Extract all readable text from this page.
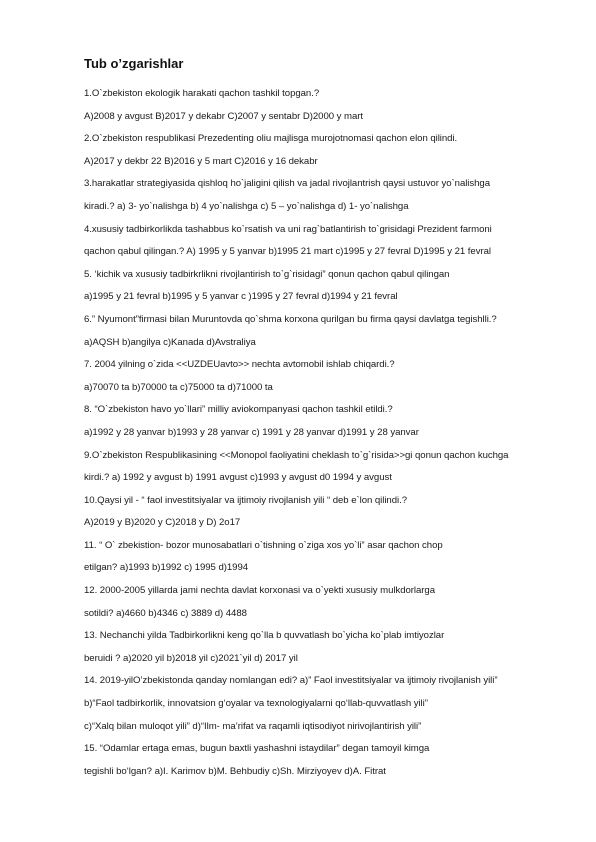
Tub o’zgarishlar
1.O`zbekiston ekologik harakati qachon tashkil topgan.?
A)2008 y avgust B)2017 y dekabr C)2007 y sentabr D)2000 y mart
2.O`zbekiston respublikasi Prezedenting oliu majlisga murojotnomasi qachon elon qilindi.
A)2017 y dekbr 22 B)2016 y 5 mart C)2016 y 16 dekabr
3.harakatlar strategiyasida qishloq ho`jaligini qilish va jadal rivojlantrish qaysi ustuvor yo`nalishga
kiradi.? a) 3- yo`nalishga b) 4 yo`nalishga c) 5 – yo`nalishga d) 1- yo`nalishga
4.xususiy tadbirkorlikda tashabbus ko`rsatish va uni rag`batlantirish to`grisidagi Prezident farmoni
qachon qabul qilingan.? A) 1995 y 5 yanvar b)1995 21 mart c)1995 y 27 fevral D)1995 y 21 fevral
5. ‘kichik va xususiy tadbirkrlikni rivojlantirish to`g`risidagi” qonun qachon qabul qilingan
a)1995 y 21 fevral b)1995 y 5 yanvar c )1995 y 27 fevral d)1994 y 21 fevral
6.” Nyumont”firmasi bilan Muruntovda qo`shma korxona qurilgan bu firma qaysi davlatga tegishlli.?
a)AQSH b)angilya c)Kanada d)Avstraliya
7. 2004 yilning o`zida <<UZDEUavto>> nechta avtomobil ishlab chiqardi.?
a)70070 ta b)70000 ta c)75000 ta d)71000 ta
8. “O`zbekiston havo yo`llari” milliy aviokompanyasi qachon tashkil etildi.?
a)1992 y 28 yanvar b)1993 y 28 yanvar c) 1991 y 28 yanvar d)1991 y 28 yanvar
9.O`zbekiston Respublikasining <<Monopol faoliyatini cheklash to`g`risida>>gi qonun qachon kuchga
kirdi.? a) 1992 y avgust b) 1991 avgust c)1993 y avgust d0 1994 y avgust
10.Qaysi yil - “ faol investitsiyalar va ijtimoiy rivojlanish yili “ deb e`lon qilindi.?
A)2019 y B)2020 y C)2018 y D) 2o17
11. “ O` zbekistion- bozor munosabatlari o`tishning o`ziga xos yo`li” asar qachon chop
etilgan? a)1993 b)1992 c) 1995 d)1994
12. 2000-2005 yillarda jami nechta davlat korxonasi va o`yekti xususiy mulkdorlarga
sotildi? a)4660 b)4346 c) 3889 d) 4488
13. Nechanchi yilda Tadbirkorlikni keng qo`lla b quvvatlash bo`yicha ko`plab imtiyozlar
beruidi ? a)2020 yil b)2018 yil c)2021`yil d) 2017 yil
14. 2019-yilO’zbekistonda qanday nomlangan edi? a)” Faol investitsiyalar va ijtimoiy rivojlanish yili”
b)“Faol tadbirkorlik, innovatsion g‘oyalar va texnologiyalarni qo‘llab-quvvatlash yili”
c)“Xalq bilan muloqot yili” d)“Ilm- ma’rifat va raqamli iqtisodiyot nirivojlantirish yili”
15. “Odamlar ertaga emas, bugun baxtli yashashni istaydilar” degan tamoyil kimga
tegishli bo‘lgan? a)I. Karimov b)M. Behbudiy c)Sh. Mirziyoyev d)A. Fitrat
